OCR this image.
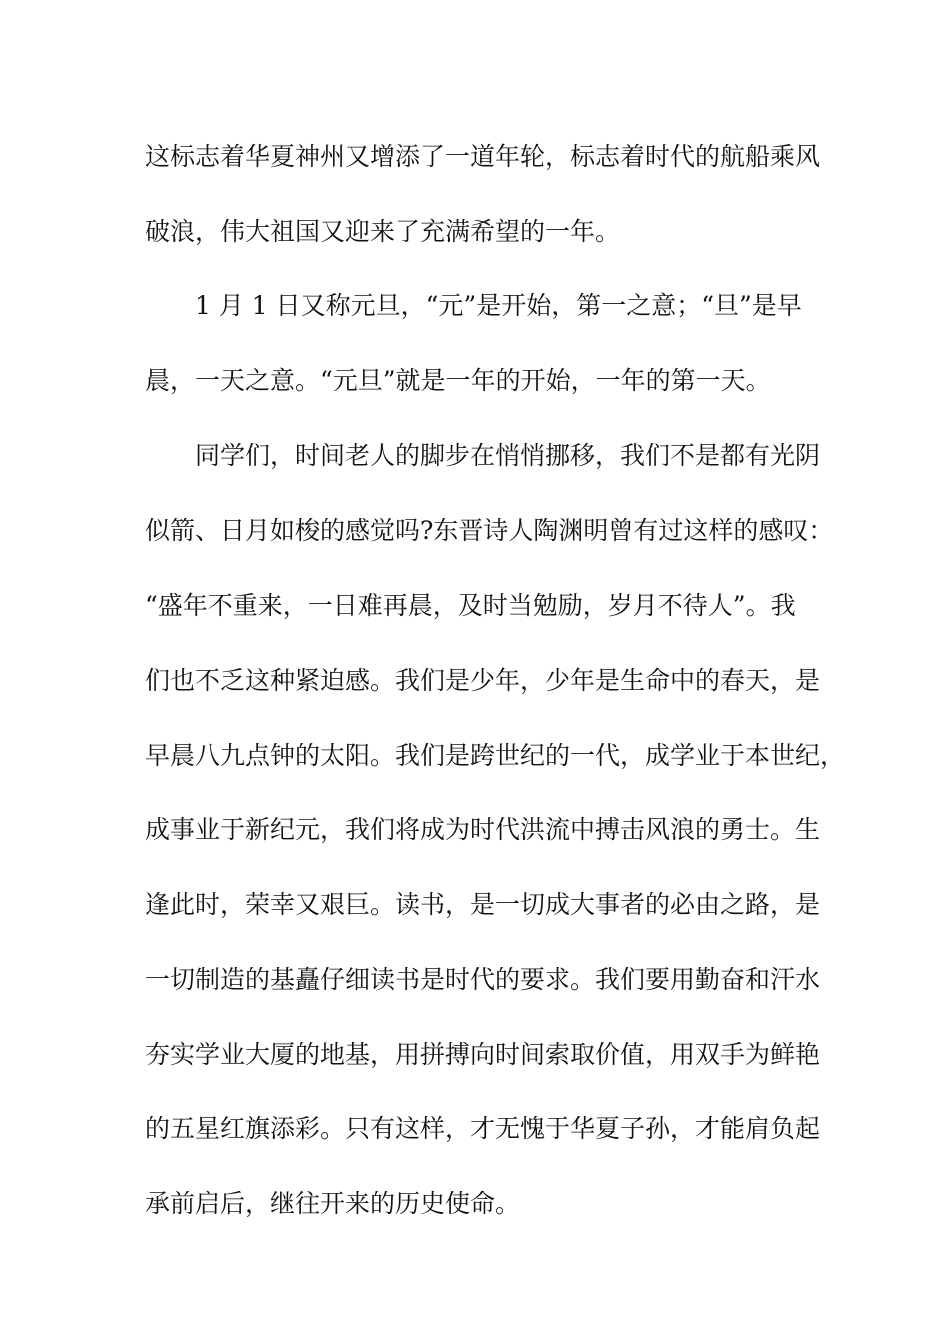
这标志着华夏神州又增添了一道年轮，标志着时代的航船乘风
破浪，伟大祖国又迎来了充满希望的一年。
1 月 1 日又称元旦，“元”是开始，第一之意；“旦”是早
晨，一天之意。“元旦”就是一年的开始，一年的第一天。
同学们，时间老人的脚步在悄悄挪移，我们不是都有光阴
似箭、日月如梭的感觉吗?东晋诗人陶渊明曾有过这样的感叹：
“盛年不重来，一日难再晨，及时当勉励，岁月不待人”。我
们也不乏这种紧迫感。我们是少年，少年是生命中的春天，是
早晨八九点钟的太阳。我们是跨世纪的一代，成学业于本世纪，
成事业于新纪元，我们将成为时代洪流中搏击风浪的勇士。生
逢此时，荣幸又艰巨。读书，是一切成大事者的必由之路，是
一切制造的基矗仔细读书是时代的要求。我们要用勤奋和汗水
夯实学业大厦的地基，用拼搏向时间索取价值，用双手为鲜艳
的五星红旗添彩。只有这样，才无愧于华夏子孙，才能肩负起
承前启后，继往开来的历史使命。
